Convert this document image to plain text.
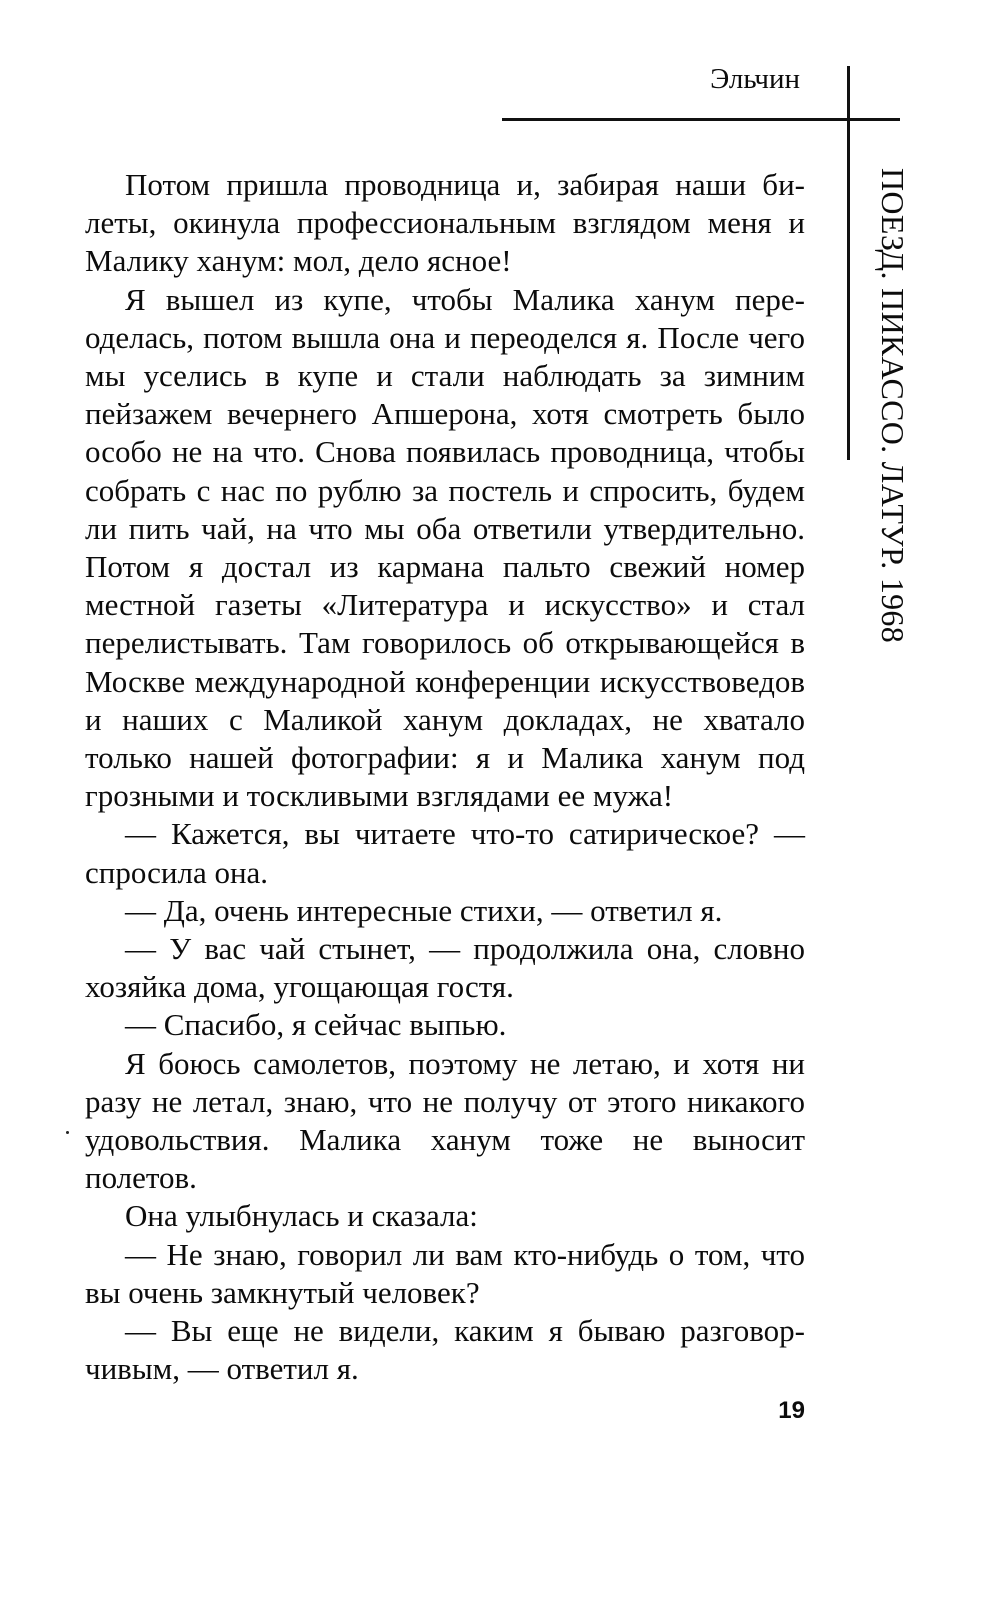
Эльчин
ПОЕЗД. ПИКАССО. ЛАТУР. 1968

Потом пришла проводница и, забирая наши билеты, окинула профессиональным взглядом меня и Малику ханум: мол, дело ясное!

Я вышел из купе, чтобы Малика ханум переоделась, потом вышла она и переоделся я. После чего мы уселись в купе и стали наблюдать за зимним пейзажем вечернего Апшерона, хотя смотреть было особо не на что. Снова появилась проводница, чтобы собрать с нас по рублю за постель и спросить, будем ли пить чай, на что мы оба ответили утвердительно. Потом я достал из кармана пальто свежий номер местной газеты «Литература и искусство» и стал перелистывать. Там говорилось об открывающейся в Москве международной конференции искусствоведов и наших с Маликой ханум докладах, не хватало только нашей фотографии: я и Малика ханум под грозными и тоскливыми взглядами ее мужа!

— Кажется, вы читаете что-то сатирическое? — спросила она.

— Да, очень интересные стихи, — ответил я.

— У вас чай стынет, — продолжила она, словно хозяйка дома, угощающая гостя.

— Спасибо, я сейчас выпью.

Я боюсь самолетов, поэтому не летаю, и хотя ни разу не летал, знаю, что не получу от этого никакого удовольствия. Малика ханум тоже не выносит полетов.

Она улыбнулась и сказала:

— Не знаю, говорил ли вам кто-нибудь о том, что вы очень замкнутый человек?

— Вы еще не видели, каким я бываю разговорчивым, — ответил я.

19
